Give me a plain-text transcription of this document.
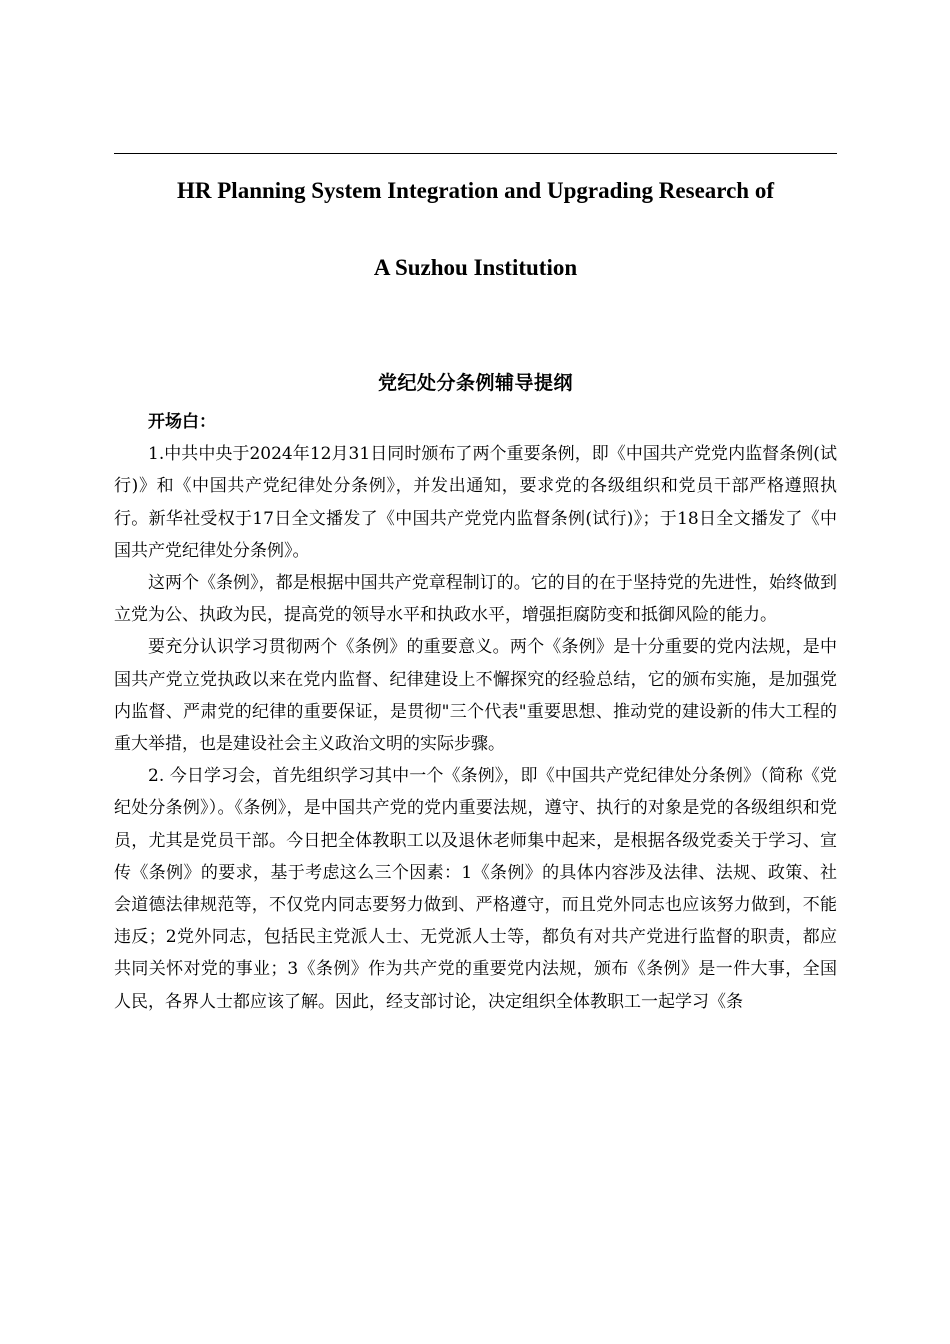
HR Planning System Integration and Upgrading Research of
A Suzhou Institution
党纪处分条例辅导提纲

开场白：

1.中共中央于2024年12月31日同时颁布了两个重要条例，即《中国共产党党内监督条例(试行)》和《中国共产党纪律处分条例》，并发出通知，要求党的各级组织和党员干部严格遵照执行。新华社受权于17日全文播发了《中国共产党党内监督条例(试行)》；于18日全文播发了《中国共产党纪律处分条例》。

这两个《条例》，都是根据中国共产党章程制订的。它的目的在于坚持党的先进性，始终做到立党为公、执政为民，提高党的领导水平和执政水平，增强拒腐防变和抵御风险的能力。

要充分认识学习贯彻两个《条例》的重要意义。两个《条例》是十分重要的党内法规，是中国共产党立党执政以来在党内监督、纪律建设上不懈探究的经验总结，它的颁布实施，是加强党内监督、严肃党的纪律的重要保证，是贯彻"三个代表"重要思想、推动党的建设新的伟大工程的重大举措，也是建设社会主义政治文明的实际步骤。

2. 今日学习会，首先组织学习其中一个《条例》，即《中国共产党纪律处分条例》（简称《党纪处分条例》）。《条例》，是中国共产党的党内重要法规，遵守、执行的对象是党的各级组织和党员，尤其是党员干部。今日把全体教职工以及退休老师集中起来，是根据各级党委关于学习、宣传《条例》的要求，基于考虑这么三个因素：1《条例》的具体内容涉及法律、法规、政策、社会道德法律规范等，不仅党内同志要努力做到、严格遵守，而且党外同志也应该努力做到，不能违反；2党外同志，包括民主党派人士、无党派人士等，都负有对共产党进行监督的职责，都应共同关怀对党的事业；3《条例》作为共产党的重要党内法规，颁布《条例》是一件大事，全国人民，各界人士都应该了解。因此，经支部讨论，决定组织全体教职工一起学习《条
